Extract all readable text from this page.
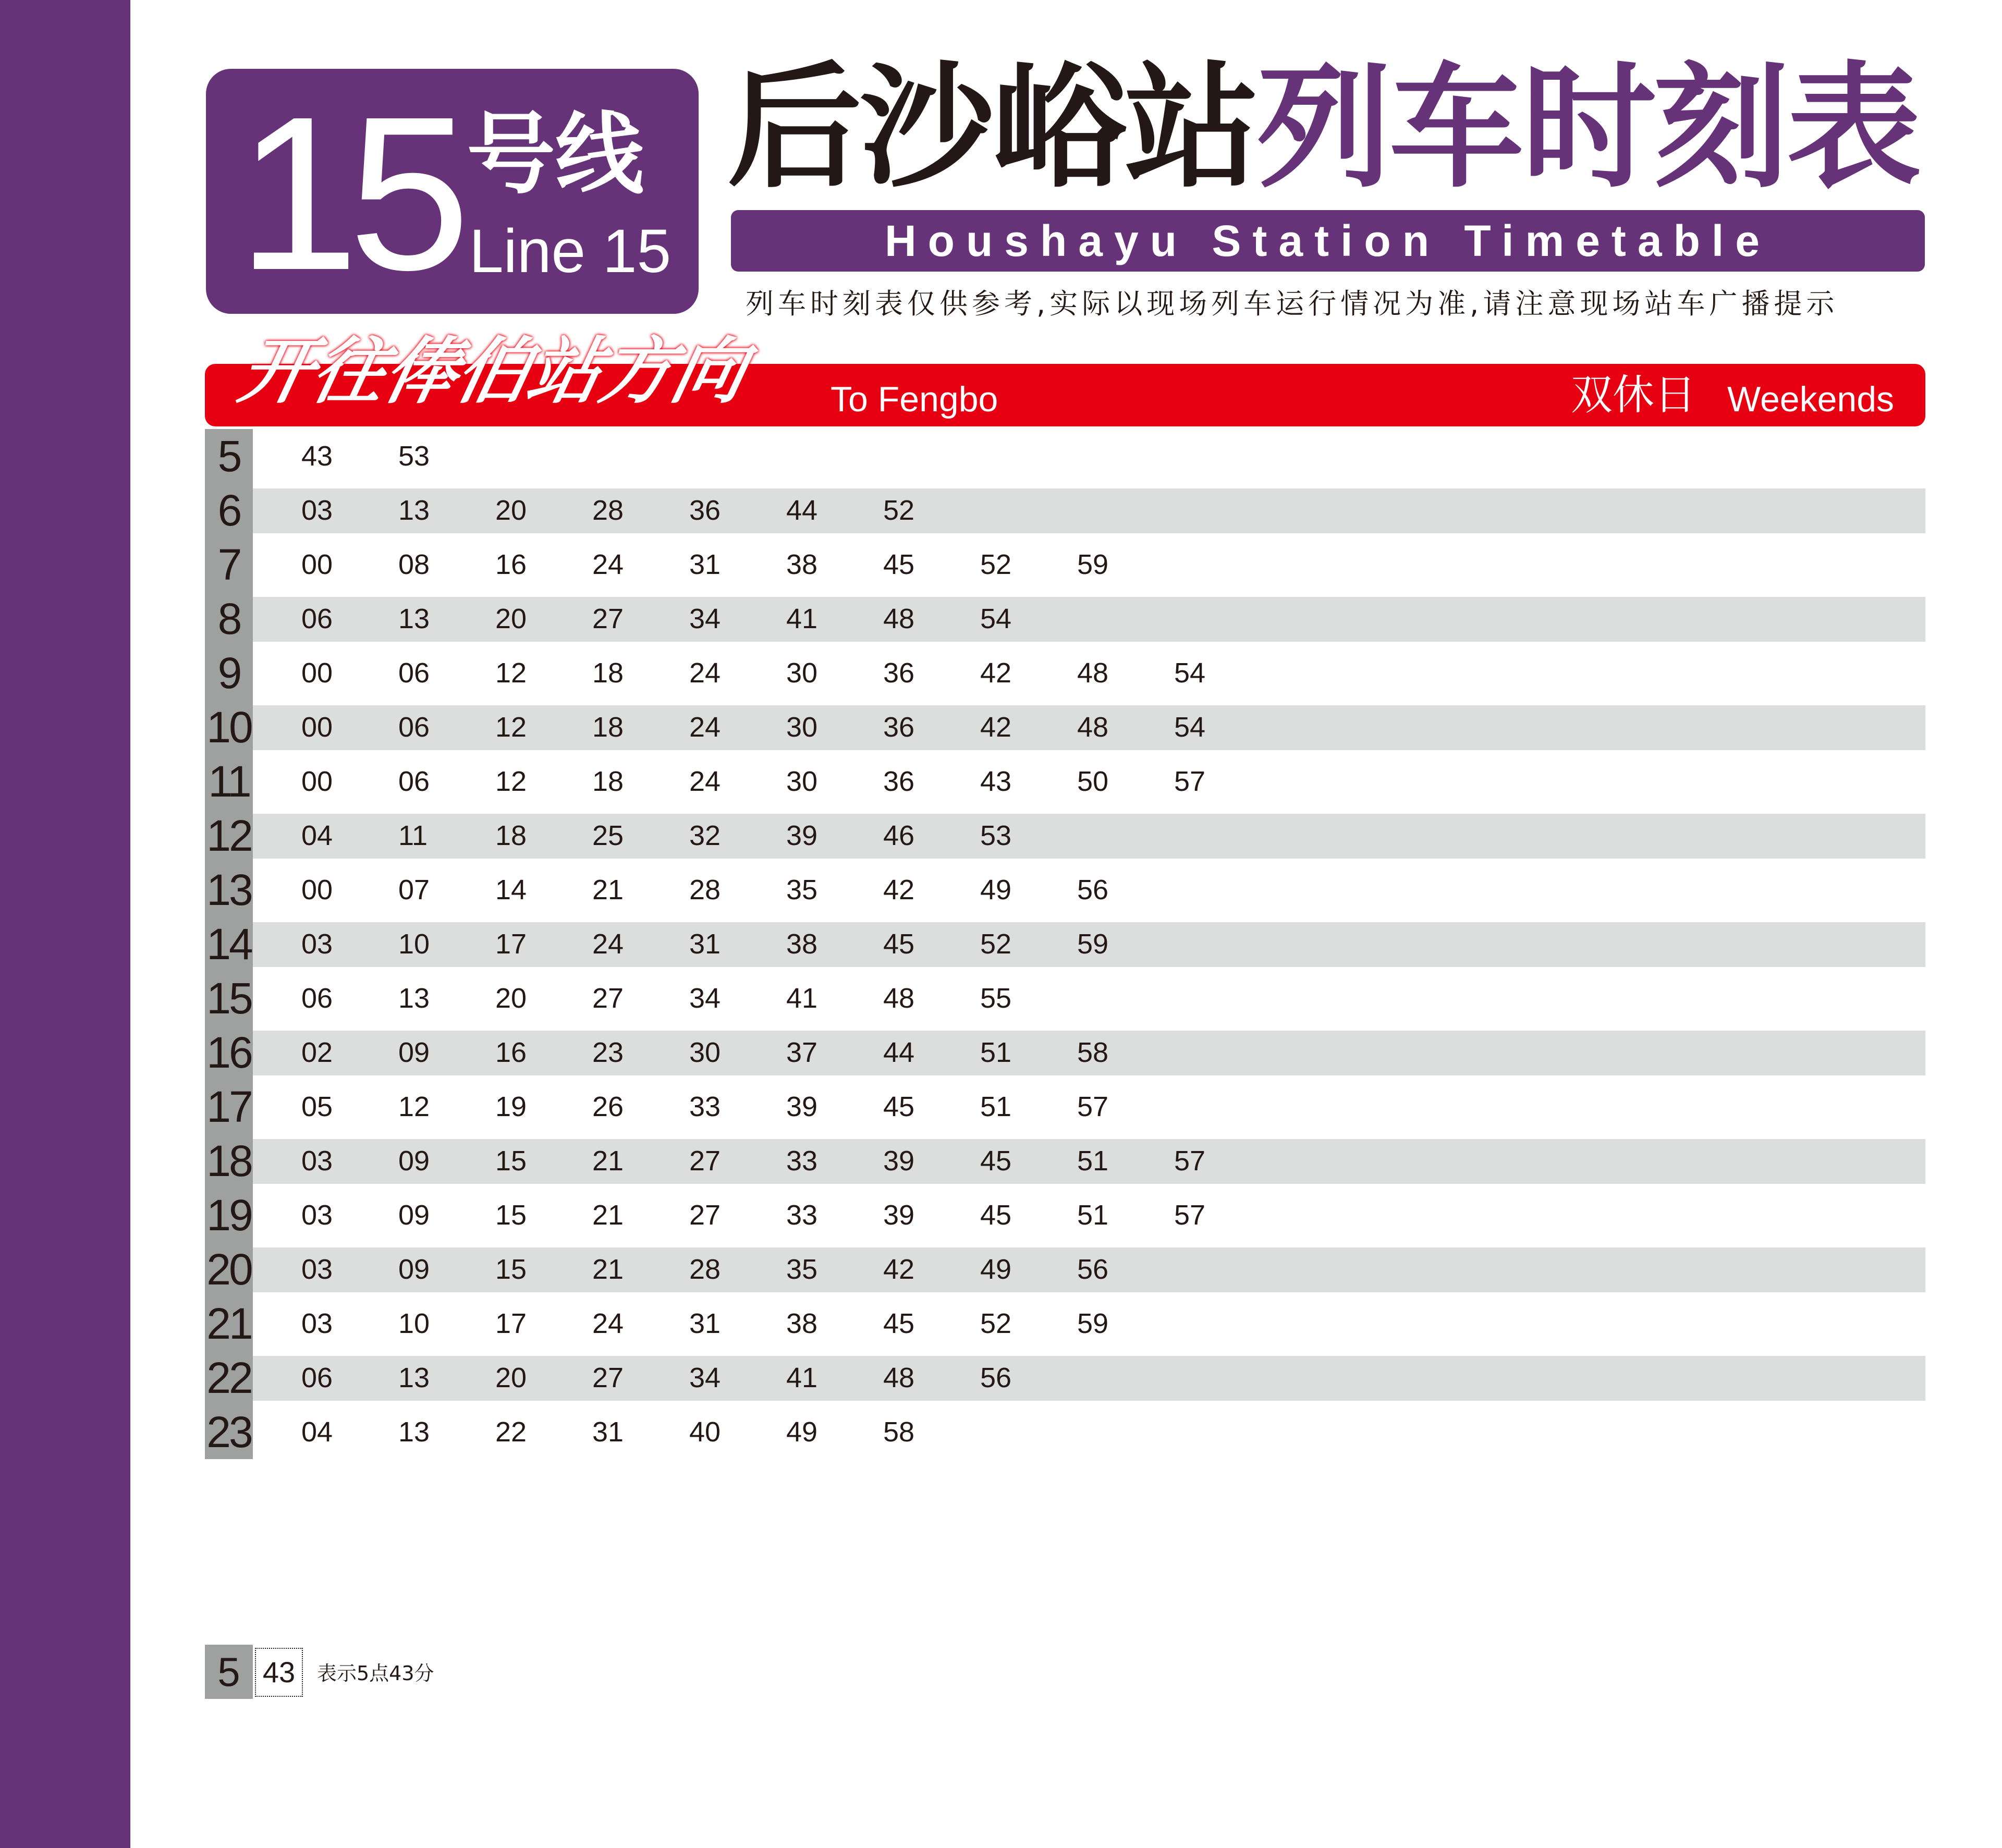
15 号线
Line 15
后沙峪站列车时刻表
Houshayu Station Timetable
列车时刻表仅供参考,实际以现场列车运行情况为准,请注意现场站车广播提示
开往俸伯站方向 To Fengbo	双休日 Weekends
5	43	53
6	03	13	20	28	36	44	52
7	00	08	16	24	31	38	45	52	59
8	06	13	20	27	34	41	48	54
9	00	06	12	18	24	30	36	42	48	54
10 00	06	12	18	24	30	36	42	48	54
11 00	06	12	18	24	30	36	43	50	57
12 04	11	18	25	32	39	46	53
13 00	07	14	21	28	35	42	49	56
14 03	10	17	24	31	38	45	52	59
15 06	13	20	27	34	41	48	55
16 02	09	16	23	30	37	44	51	58
17 05	12	19	26	33	39	45	51	57
18 03	09	15	21	27	33	39	45	51	57
19 03	09	15	21	27	33	39	45	51	57
20 03	09	15	21	28	35	42	49	56
21 03	10	17	24	31	38	45	52	59
22 06	13	20	27	34	41	48	56
23 04	13	22	31	40	49	58
5 43	表示5点43分
